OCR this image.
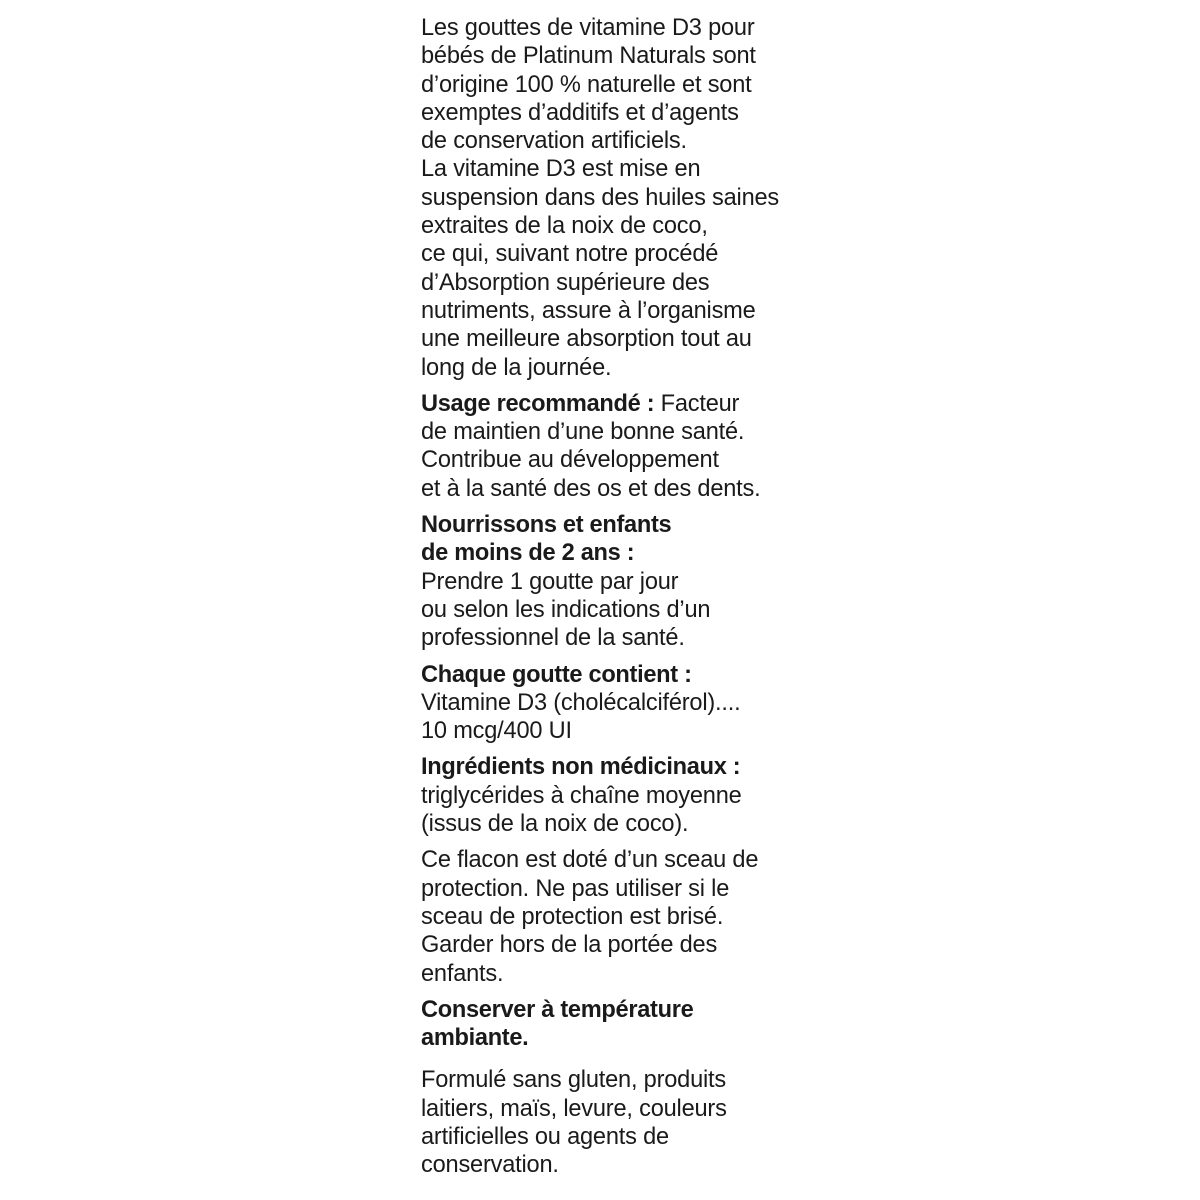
Les gouttes de vitamine D3 pour
bébés de Platinum Naturals sont
d’origine 100 % naturelle et sont
exemptes d’additifs et d’agents
de conservation artificiels.
La vitamine D3 est mise en
suspension dans des huiles saines
extraites de la noix de coco,
ce qui, suivant notre procédé
d’Absorption supérieure des
nutriments, assure à l’organisme
une meilleure absorption tout au
long de la journée.

Usage recommandé : Facteur
de maintien d’une bonne santé.
Contribue au développement
et à la santé des os et des dents.

Nourrissons et enfants
de moins de 2 ans :
Prendre 1 goutte par jour
ou selon les indications d’un
professionnel de la santé.

Chaque goutte contient :
Vitamine D3 (cholécalciférol)....
10 mcg/400 UI

Ingrédients non médicinaux :
triglycérides à chaîne moyenne
(issus de la noix de coco).

Ce flacon est doté d’un sceau de
protection. Ne pas utiliser si le
sceau de protection est brisé.
Garder hors de la portée des
enfants.

Conserver à température
ambiante.

Formulé sans gluten, produits
laitiers, maïs, levure, couleurs
artificielles ou agents de
conservation.
